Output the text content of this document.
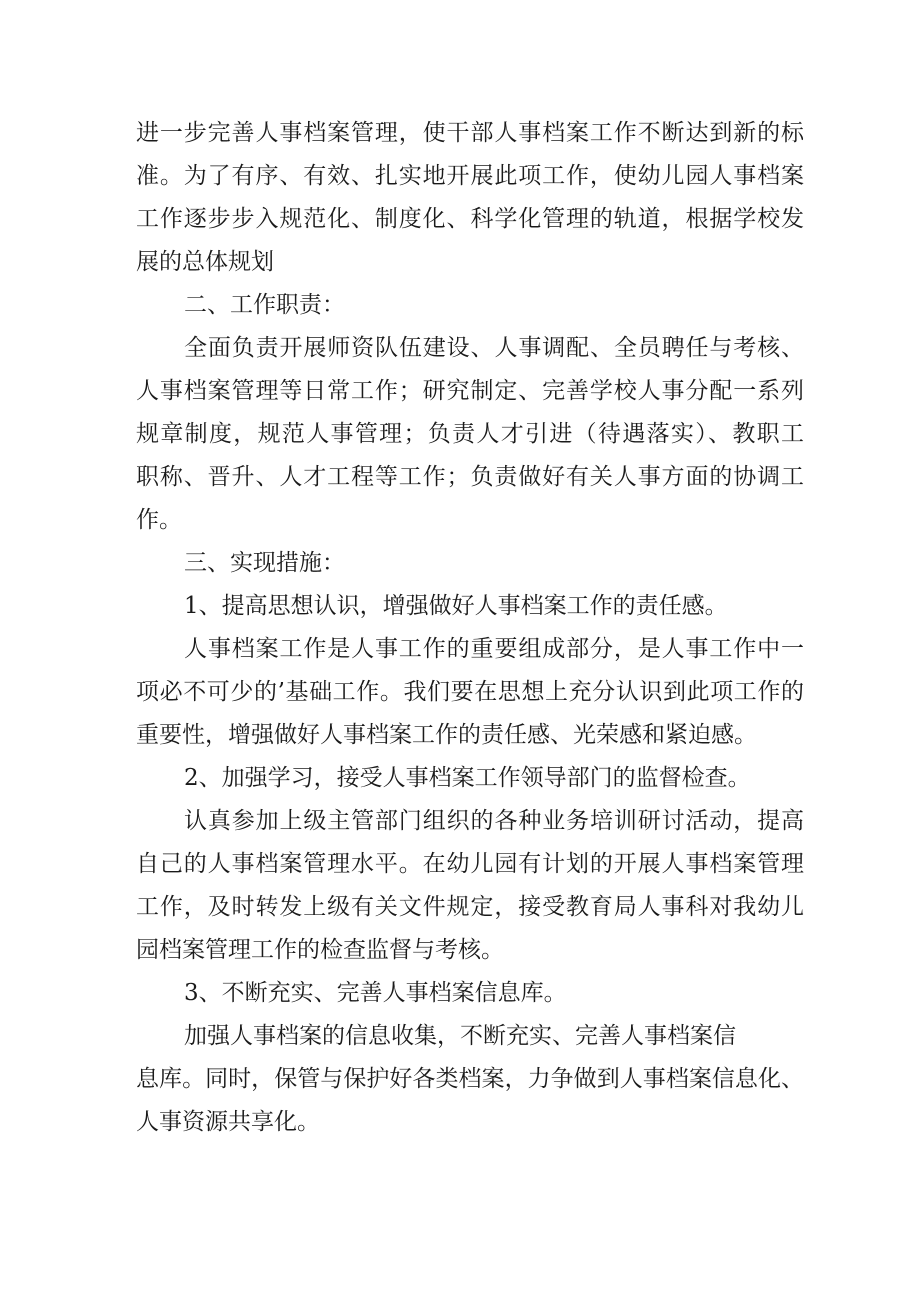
进一步完善人事档案管理，使干部人事档案工作不断达到新的标
准。为了有序、有效、扎实地开展此项工作，使幼儿园人事档案
工作逐步步入规范化、制度化、科学化管理的轨道，根据学校发
展的总体规划
二、工作职责：
全面负责开展师资队伍建设、人事调配、全员聘任与考核、
人事档案管理等日常工作；研究制定、完善学校人事分配一系列
规章制度，规范人事管理；负责人才引进（待遇落实）、教职工
职称、晋升、人才工程等工作；负责做好有关人事方面的协调工
作。
三、实现措施：
1、提高思想认识，增强做好人事档案工作的责任感。
人事档案工作是人事工作的重要组成部分，是人事工作中一
项必不可少的’基础工作。我们要在思想上充分认识到此项工作的
重要性，增强做好人事档案工作的责任感、光荣感和紧迫感。
2、加强学习，接受人事档案工作领导部门的监督检查。
认真参加上级主管部门组织的各种业务培训研讨活动，提高
自己的人事档案管理水平。在幼儿园有计划的开展人事档案管理
工作，及时转发上级有关文件规定，接受教育局人事科对我幼儿
园档案管理工作的检查监督与考核。
3、不断充实、完善人事档案信息库。
加强人事档案的信息收集，不断充实、完善人事档案信
息库。同时，保管与保护好各类档案，力争做到人事档案信息化、
人事资源共享化。
